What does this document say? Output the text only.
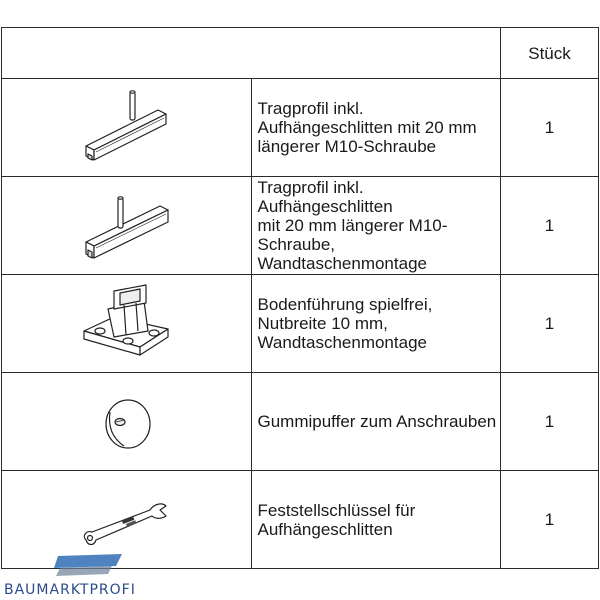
		Stück

Tragprofil inkl. Aufhängeschlitten mit 20 mm
längerer M10-Schraube	1

Tragprofil inkl. Aufhängeschlitten
mit 20 mm längerer M10-Schraube,
Wandtaschenmontage	1

Bodenführung spielfrei, Nutbreite 10 mm,
Wandtaschenmontage	1

Gummipuffer zum Anschrauben	1

Feststellschlüssel für Aufhängeschlitten	1
BAUMARKTPROFI
